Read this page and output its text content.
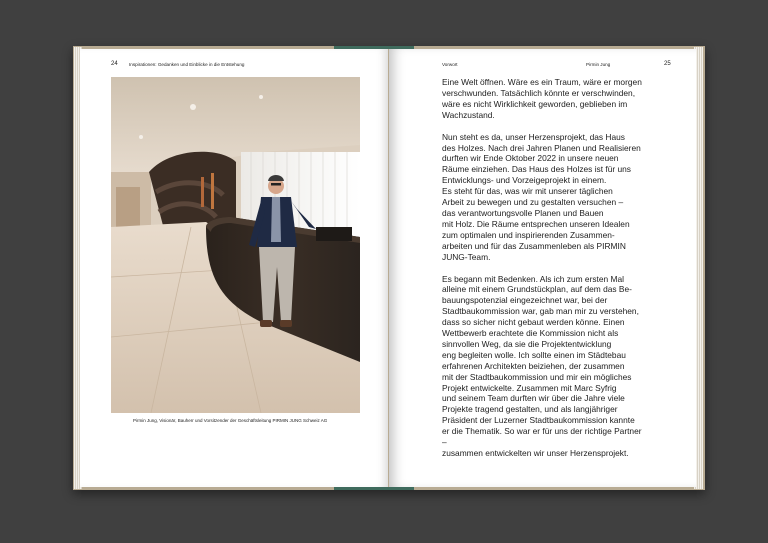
24 Inspirationen: Gedanken und Einblicke in die Entstehung
Pirmin Jung, Visionär, Bauherr und Vorsitzender der Geschäftsleitung PIRMIN JUNG Schweiz AG
Vorwort	Pirmin Jung	25

Eine Welt öffnen. Wäre es ein Traum, wäre er morgen
verschwunden. Tatsächlich könnte er verschwinden,
wäre es nicht Wirklichkeit geworden, geblieben im
Wachzustand.

Nun steht es da, unser Herzensprojekt, das Haus
des Holzes. Nach drei Jahren Planen und Realisieren
durften wir Ende Oktober 2022 in unsere neuen
Räume einziehen. Das Haus des Holzes ist für uns
Entwicklungs- und Vorzeigeprojekt in einem.
Es steht für das, was wir mit unserer täglichen
Arbeit zu bewegen und zu gestalten versuchen –
das verantwortungsvolle Planen und Bauen
mit Holz. Die Räume entsprechen unseren Idealen
zum optimalen und inspirierenden Zusammen-
arbeiten und für das Zusammenleben als PIRMIN
JUNG-Team.

Es begann mit Bedenken. Als ich zum ersten Mal
alleine mit einem Grundstückplan, auf dem das Be-
bauungspotenzial eingezeichnet war, bei der
Stadtbaukommission war, gab man mir zu verstehen,
dass so sicher nicht gebaut werden könne. Einen
Wettbewerb erachtete die Kommission nicht als
sinnvollen Weg, da sie die Projektentwicklung
eng begleiten wolle. Ich sollte einen im Städtebau
erfahrenen Architekten beiziehen, der zusammen
mit der Stadtbaukommission und mir ein mögliches
Projekt entwickelte. Zusammen mit Marc Syfrig
und seinem Team durften wir über die Jahre viele
Projekte tragend gestalten, und als langjähriger
Präsident der Luzerner Stadtbaukommission kannte
er die Thematik. So war er für uns der richtige Partner –
zusammen entwickelten wir unser Herzensprojekt.
